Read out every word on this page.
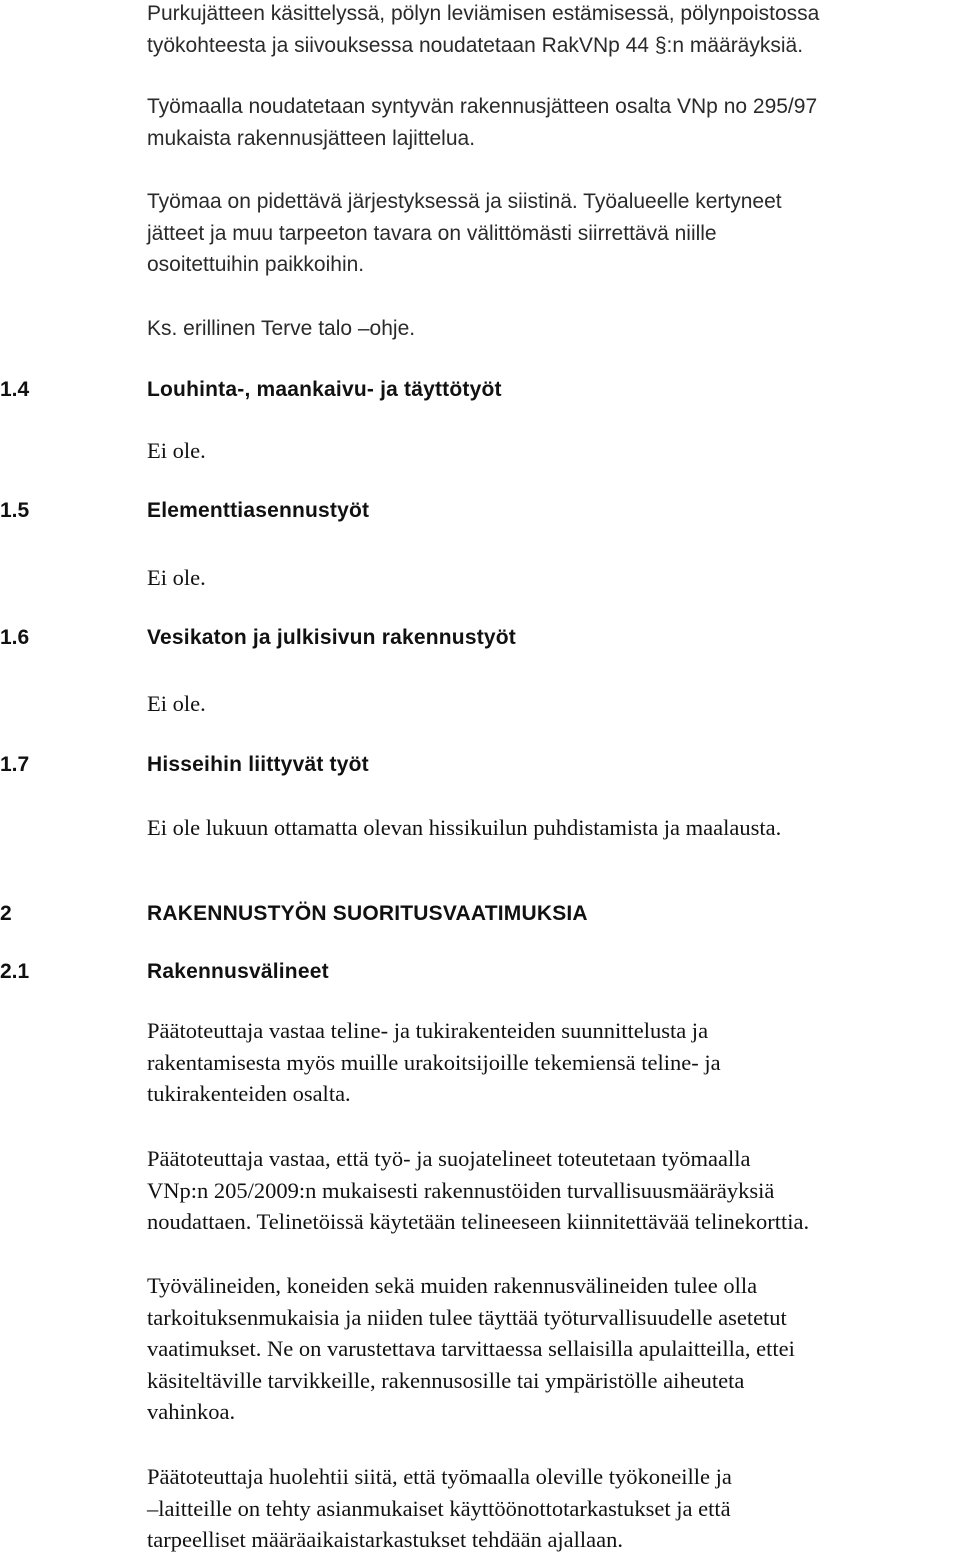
Purkujätteen käsittelyssä, pölyn leviämisen estämisessä, pölynpoistossa
työkohteesta ja siivouksessa noudatetaan RakVNp 44 §:n määräyksiä.

Työmaalla noudatetaan syntyvän rakennusjätteen osalta VNp no 295/97
mukaista rakennusjätteen lajittelua.

Työmaa on pidettävä järjestyksessä ja siistinä. Työalueelle kertyneet
jätteet ja muu tarpeeton tavara on välittömästi siirrettävä niille
osoitettuihin paikkoihin.

Ks. erillinen Terve talo –ohje.

1.4	Louhinta-, maankaivu- ja täyttötyöt

Ei ole.

1.5	Elementtiasennustyöt

Ei ole.

1.6	Vesikaton ja julkisivun rakennustyöt

Ei ole.

1.7	Hisseihin liittyvät työt

Ei ole lukuun ottamatta olevan hissikuilun puhdistamista ja maalausta.

2	RAKENNUSTYÖN SUORITUSVAATIMUKSIA
2.1	Rakennusvälineet

Päätoteuttaja vastaa teline- ja tukirakenteiden suunnittelusta ja
rakentamisesta myös muille urakoitsijoille tekemiensä teline- ja
tukirakenteiden osalta.

Päätoteuttaja vastaa, että työ- ja suojatelineet toteutetaan työmaalla
VNp:n 205/2009:n mukaisesti rakennustöiden turvallisuusmääräyksiä
noudattaen. Telinetöissä käytetään telineeseen kiinnitettävää telinekorttia.

Työvälineiden, koneiden sekä muiden rakennusvälineiden tulee olla
tarkoituksenmukaisia ja niiden tulee täyttää työturvallisuudelle asetetut
vaatimukset. Ne on varustettava tarvittaessa sellaisilla apulaitteilla, ettei
käsiteltäville tarvikkeille, rakennusosille tai ympäristölle aiheuteta
vahinkoa.

Päätoteuttaja huolehtii siitä, että työmaalla oleville työkoneille ja
–laitteille on tehty asianmukaiset käyttöönottotarkastukset ja että
tarpeelliset määräaikaistarkastukset tehdään ajallaan.
